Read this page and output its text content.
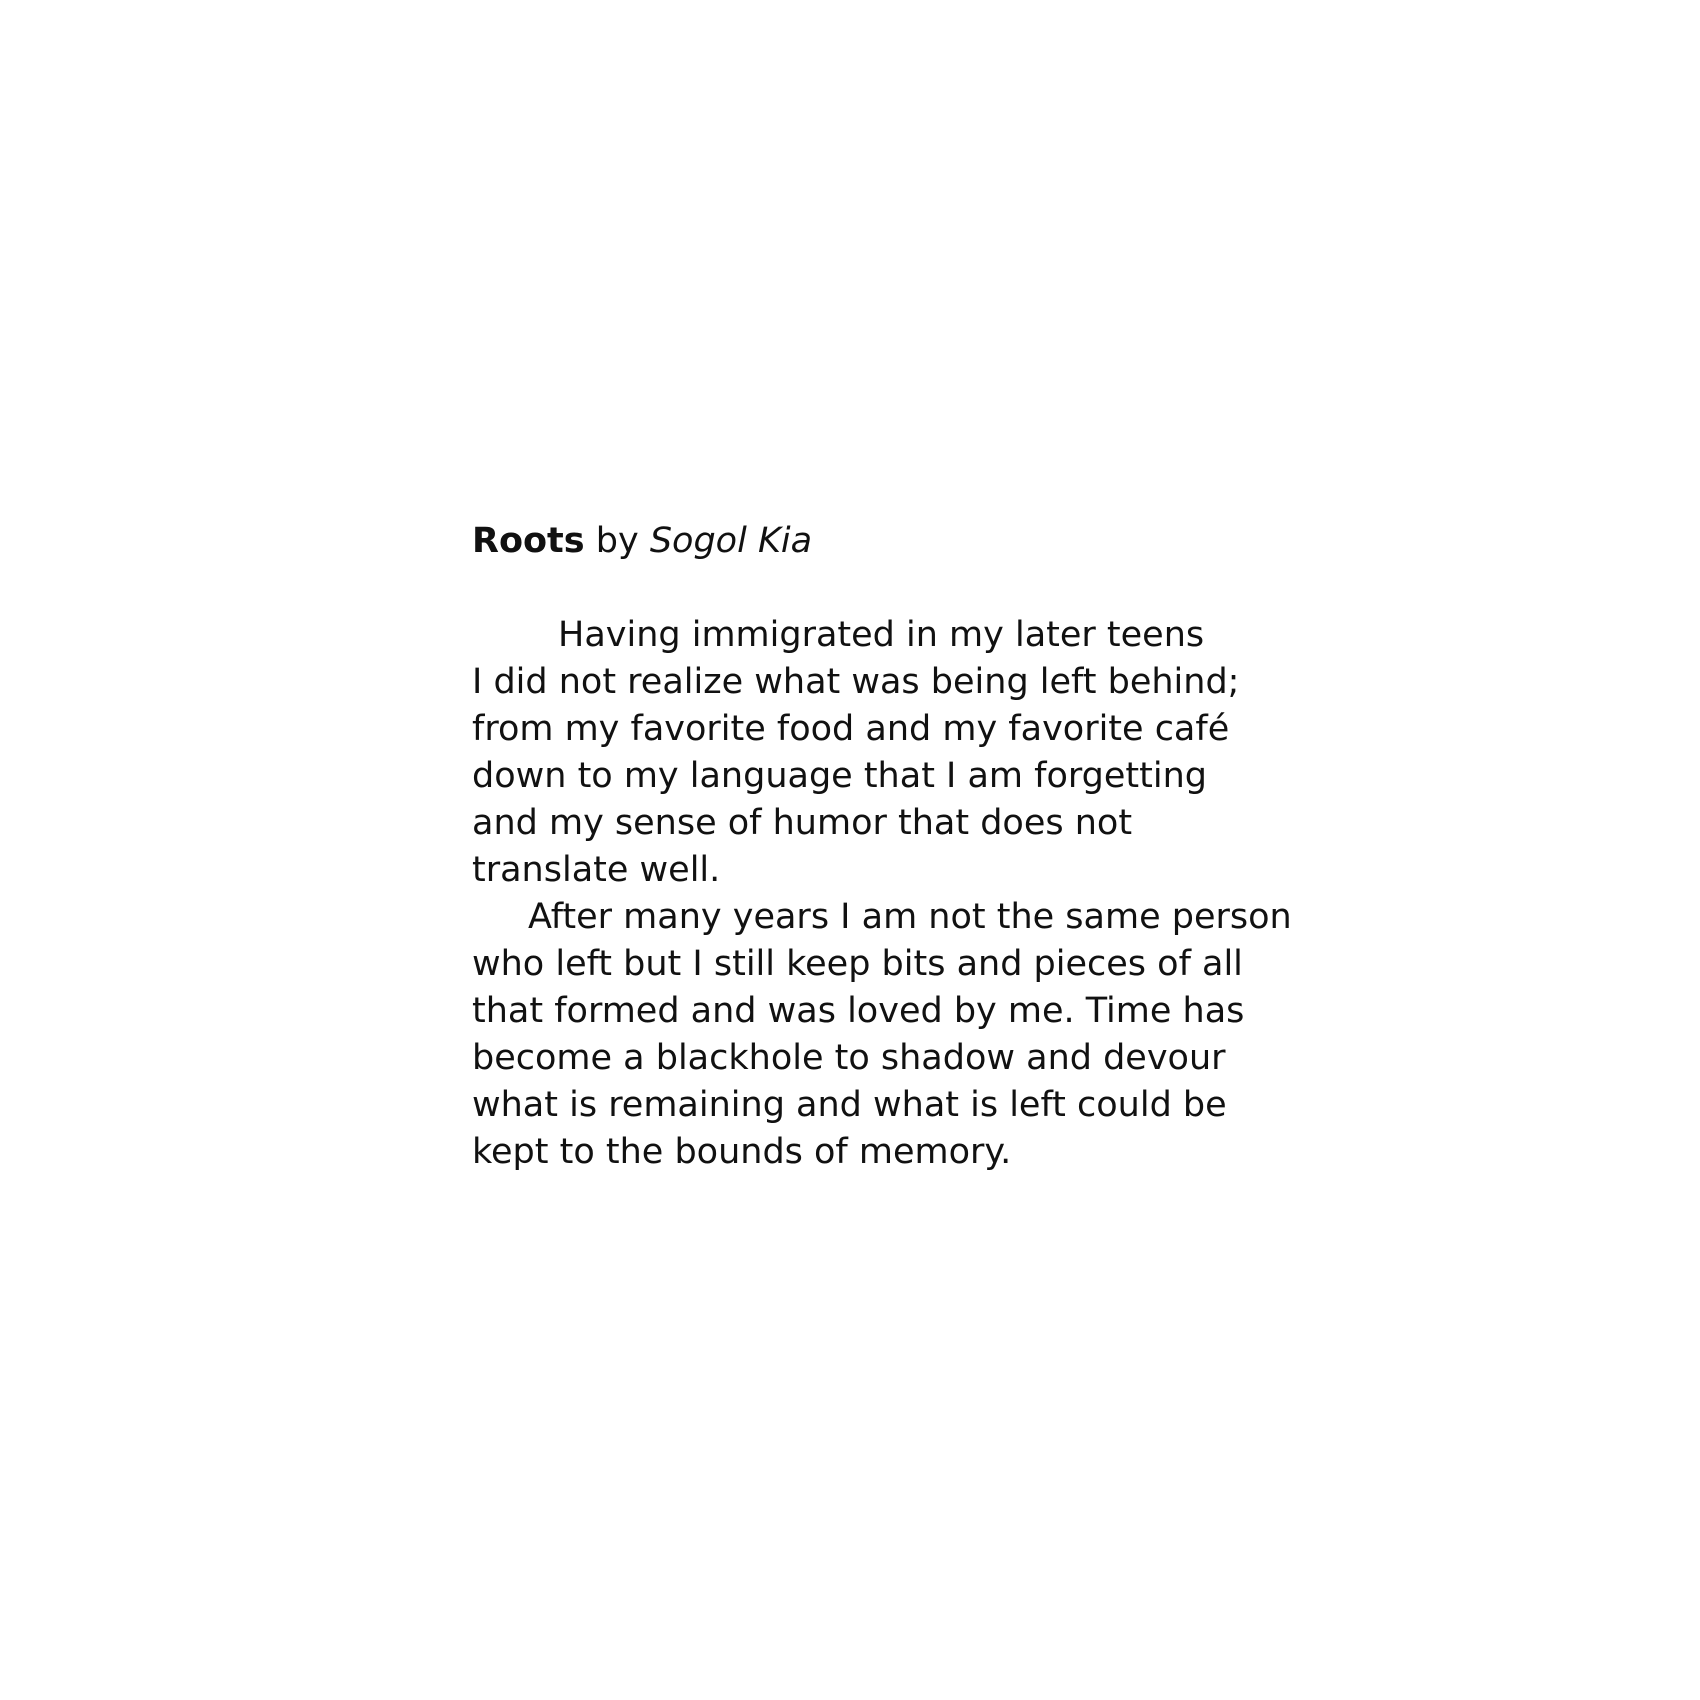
Roots by Sogol Kia
Having immigrated in my later teens
I did not realize what was being left behind;
from my favorite food and my favorite café
down to my language that I am forgetting
and my sense of humor that does not
translate well.
After many years I am not the same person
who left but I still keep bits and pieces of all
that formed and was loved by me. Time has
become a blackhole to shadow and devour
what is remaining and what is left could be
kept to the bounds of memory.
